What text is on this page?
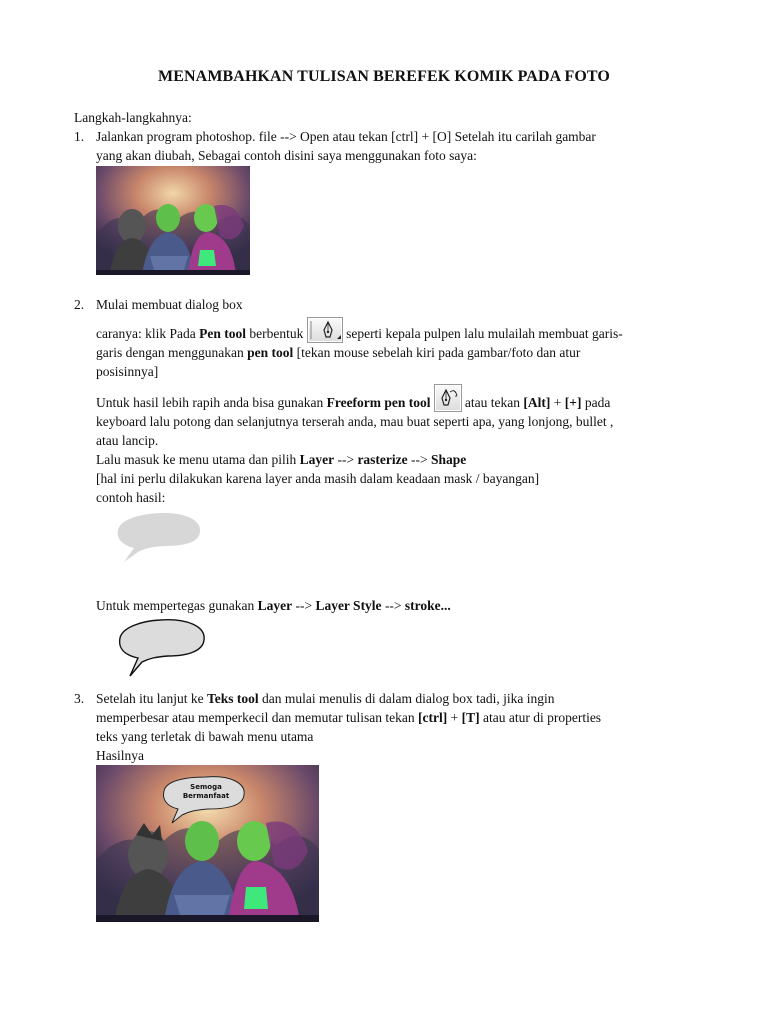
MENAMBAHKAN TULISAN BEREFEK KOMIK PADA FOTO
Langkah-langkahnya:
1. Jalankan program photoshop. file --> Open atau tekan [ctrl] + [O] Setelah itu carilah gambar
yang akan diubah, Sebagai contoh disini saya menggunakan foto saya:
2. Mulai membuat dialog box
caranya: klik Pada Pen tool berbentuk	seperti kepala pulpen lalu mulailah membuat garis-
garis dengan menggunakan pen tool [tekan mouse sebelah kiri pada gambar/foto dan atur
posisinnya]
Untuk hasil lebih rapih anda bisa gunakan Freeform pen tool atau tekan [Alt] + [+] pada
keyboard lalu potong dan selanjutnya terserah anda, mau buat seperti apa, yang lonjong, bullet ,
atau lancip.
Lalu masuk ke menu utama dan pilih Layer --> rasterize --> Shape
[hal ini perlu dilakukan karena layer anda masih dalam keadaan mask / bayangan]
contoh hasil:
Untuk mempertegas gunakan Layer --> Layer Style --> stroke...
3. Setelah itu lanjut ke Teks tool dan mulai menulis di dalam dialog box tadi, jika ingin
memperbesar atau memperkecil dan memutar tulisan tekan [ctrl] + [T] atau atur di properties
teks yang terletak di bawah menu utama
Hasilnya
Semoga
Bermanfaat
